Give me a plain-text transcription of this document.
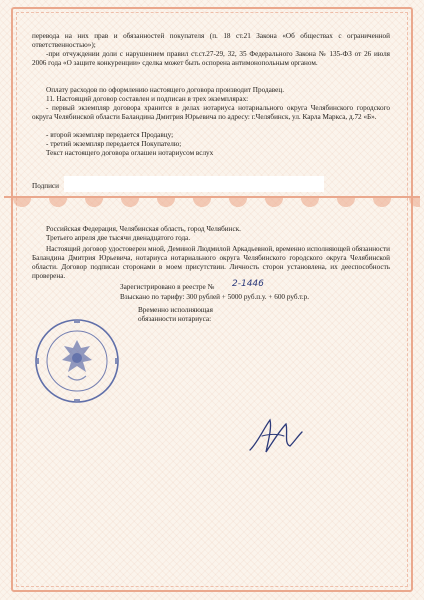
перевода на них прав и обязанностей покупателя (п. 18 ст.21 Закона «Об обществах с ограниченной ответственностью»);

-при отчуждении доли с нарушением правил ст.ст.27-29, 32, 35 Федерального Закона № 135-ФЗ от 26 июля 2006 года «О защите конкуренции» сделка может быть оспорена антимонопольным органом.

Оплату расходов по оформлению настоящего договора производит Продавец.

11. Настоящий договор составлен и подписан в трех экземплярах:

- первый экземпляр договора хранится в делах нотариуса нотариального округа Челябинского городского округа Челябинской области Баландина Дмитрия Юрьевича по адресу: г.Челябинск, ул. Карла Маркса, д.72 «Б».

- второй экземпляр передается Продавцу;

- третий экземпляр передается Покупателю;

Текст настоящего договора оглашен нотариусом вслух

Подписи

Российская Федерация, Челябинская область, город Челябинск.

Третьего апреля две тысячи двенадцатого года.

Настоящий договор удостоверен мной, Деминой Людмилой Аркадьевной, временно исполняющей обязанности Баландина Дмитрия Юрьевича, нотариуса нотариального округа Челябинского городского округа Челябинской области. Договор подписан сторонами в моем присутствии. Личность сторон установлена, их дееспособность проверена.

Зарегистрировано в реестре № 2-1446

Взыскано по тарифу: 300 рублей + 5000 руб.п.у. + 600 руб.т.р.

Временно исполняющая

обязанности нотариуса:
